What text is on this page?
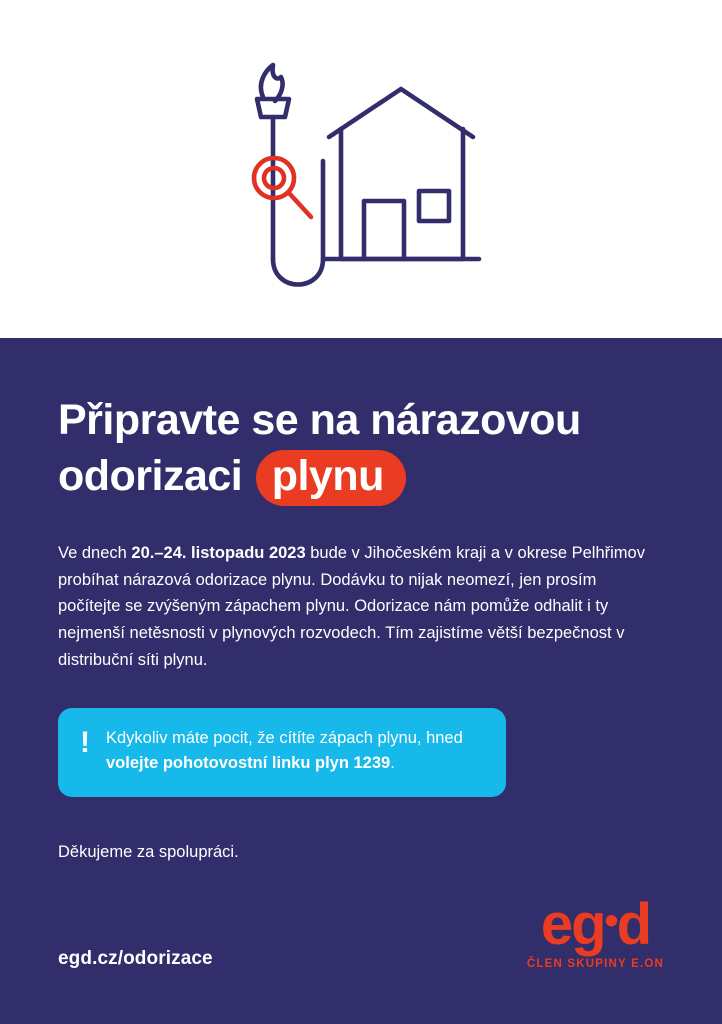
Připravte se na nárazovou
odorizaci plynu

Ve dnech 20.–24. listopadu 2023 bude v Jihočeském kraji a v okrese Pelhřimov probíhat nárazová odorizace plynu. Dodávku to nijak neomezí, jen prosím počítejte se zvýšeným zápachem plynu. Odorizace nám pomůže odhalit i ty nejmenší netěsnosti v plynových rozvodech. Tím zajistíme větší bezpečnost v distribuční síti plynu.

! Kdykoliv máte pocit, že cítíte zápach plynu, hned volejte pohotovostní linku plyn 1239.
Děkujeme za spolupráci.
egd.cz/odorizace
eg•d
ČLEN SKUPINY E.ON
